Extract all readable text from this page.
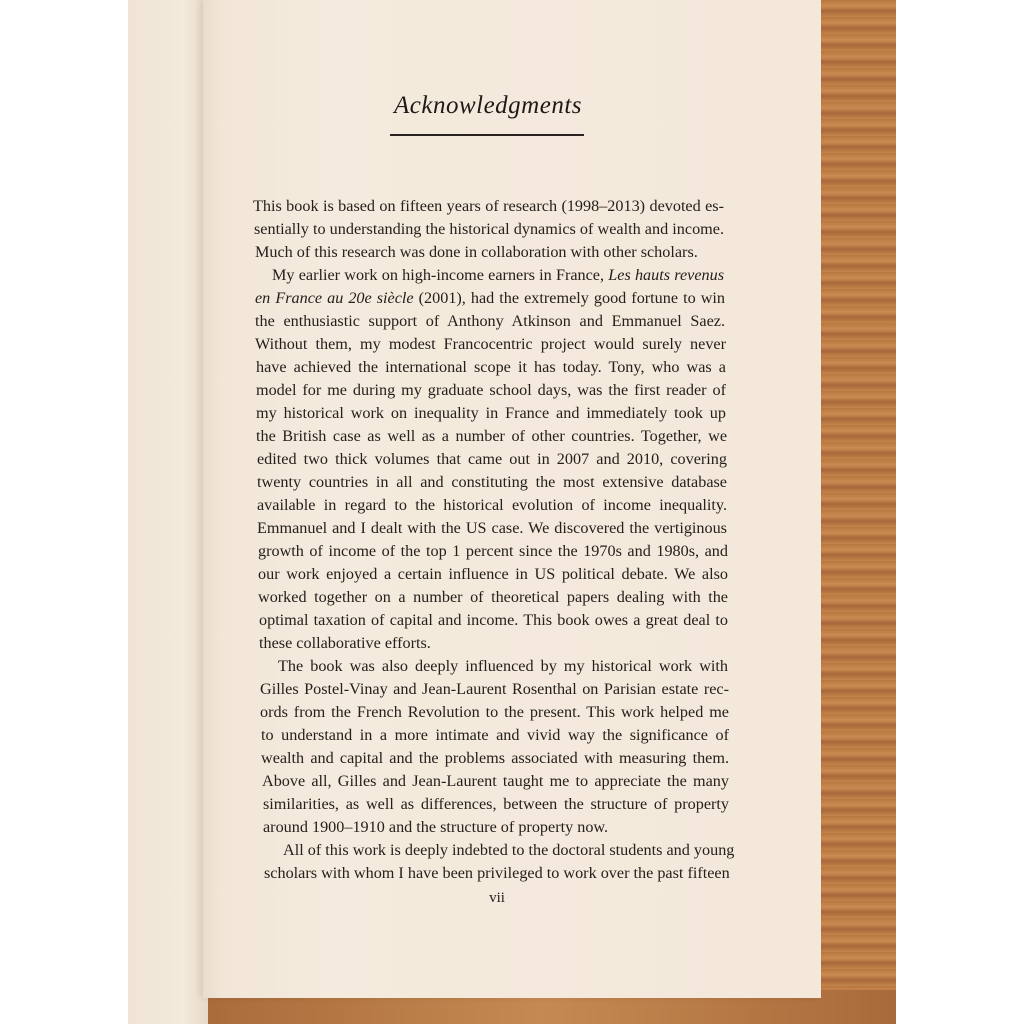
Acknowledgments
This book is based on fifteen years of research (1998–2013) devoted es-
sentially to understanding the historical dynamics of wealth and income.
Much of this research was done in collaboration with other scholars.
My earlier work on high-income earners in France, Les hauts revenus
en France au 20e siècle (2001), had the extremely good fortune to win
the enthusiastic support of Anthony Atkinson and Emmanuel Saez.
Without them, my modest Francocentric project would surely never
have achieved the international scope it has today. Tony, who was a
model for me during my graduate school days, was the first reader of
my historical work on inequality in France and immediately took up
the British case as well as a number of other countries. Together, we
edited two thick volumes that came out in 2007 and 2010, covering
twenty countries in all and constituting the most extensive database
available in regard to the historical evolution of income inequality.
Emmanuel and I dealt with the US case. We discovered the vertiginous
growth of income of the top 1 percent since the 1970s and 1980s, and
our work enjoyed a certain influence in US political debate. We also
worked together on a number of theoretical papers dealing with the
optimal taxation of capital and income. This book owes a great deal to
these collaborative efforts.
The book was also deeply influenced by my historical work with
Gilles Postel-Vinay and Jean-Laurent Rosenthal on Parisian estate rec-
ords from the French Revolution to the present. This work helped me
to understand in a more intimate and vivid way the significance of
wealth and capital and the problems associated with measuring them.
Above all, Gilles and Jean-Laurent taught me to appreciate the many
similarities, as well as differences, between the structure of property
around 1900–1910 and the structure of property now.
All of this work is deeply indebted to the doctoral students and young
scholars with whom I have been privileged to work over the past fifteen
vii
